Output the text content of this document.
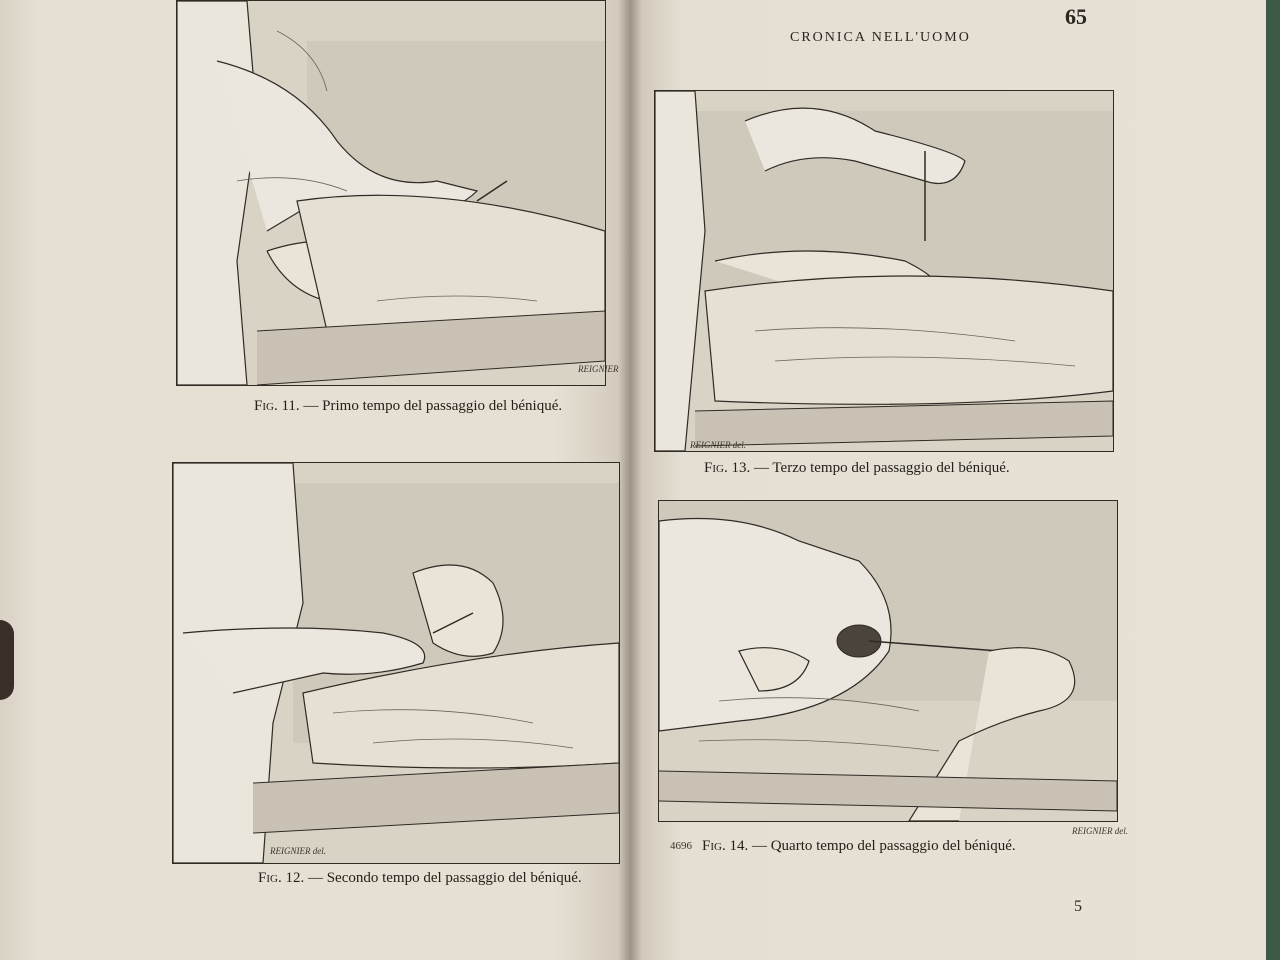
CRONICA NELL'UOMO
65
REIGNIER
Fig. 11. — Primo tempo del passaggio del béniqué.
REIGNIER del.
Fig. 12. — Secondo tempo del passaggio del béniqué.
REIGNIER del.
Fig. 13. — Terzo tempo del passaggio del béniqué.
REIGNIER del.
4696 Fig. 14. — Quarto tempo del passaggio del béniqué.
5
